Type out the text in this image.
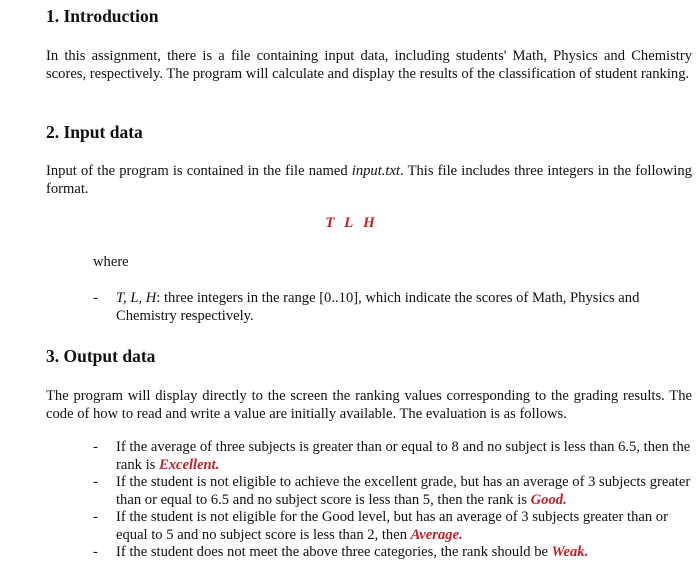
1. Introduction

In this assignment, there is a file containing input data, including students' Math, Physics and Chemistry scores, respectively. The program will calculate and display the results of the classification of student ranking.

2. Input data

Input of the program is contained in the file named input.txt. This file includes three integers in the following format.

T L H
where
- T, L, H: three integers in the range [0..10], which indicate the scores of Math, Physics and Chemistry respectively.
3. Output data

The program will display directly to the screen the ranking values corresponding to the grading results. The code of how to read and write a value are initially available. The evaluation is as follows.

- If the average of three subjects is greater than or equal to 8 and no subject is less than 6.5, then the rank is Excellent.
- If the student is not eligible to achieve the excellent grade, but has an average of 3 subjects greater than or equal to 6.5 and no subject score is less than 5, then the rank is Good.
- If the student is not eligible for the Good level, but has an average of 3 subjects greater than or equal to 5 and no subject score is less than 2, then Average.
- If the student does not meet the above three categories, the rank should be Weak.
